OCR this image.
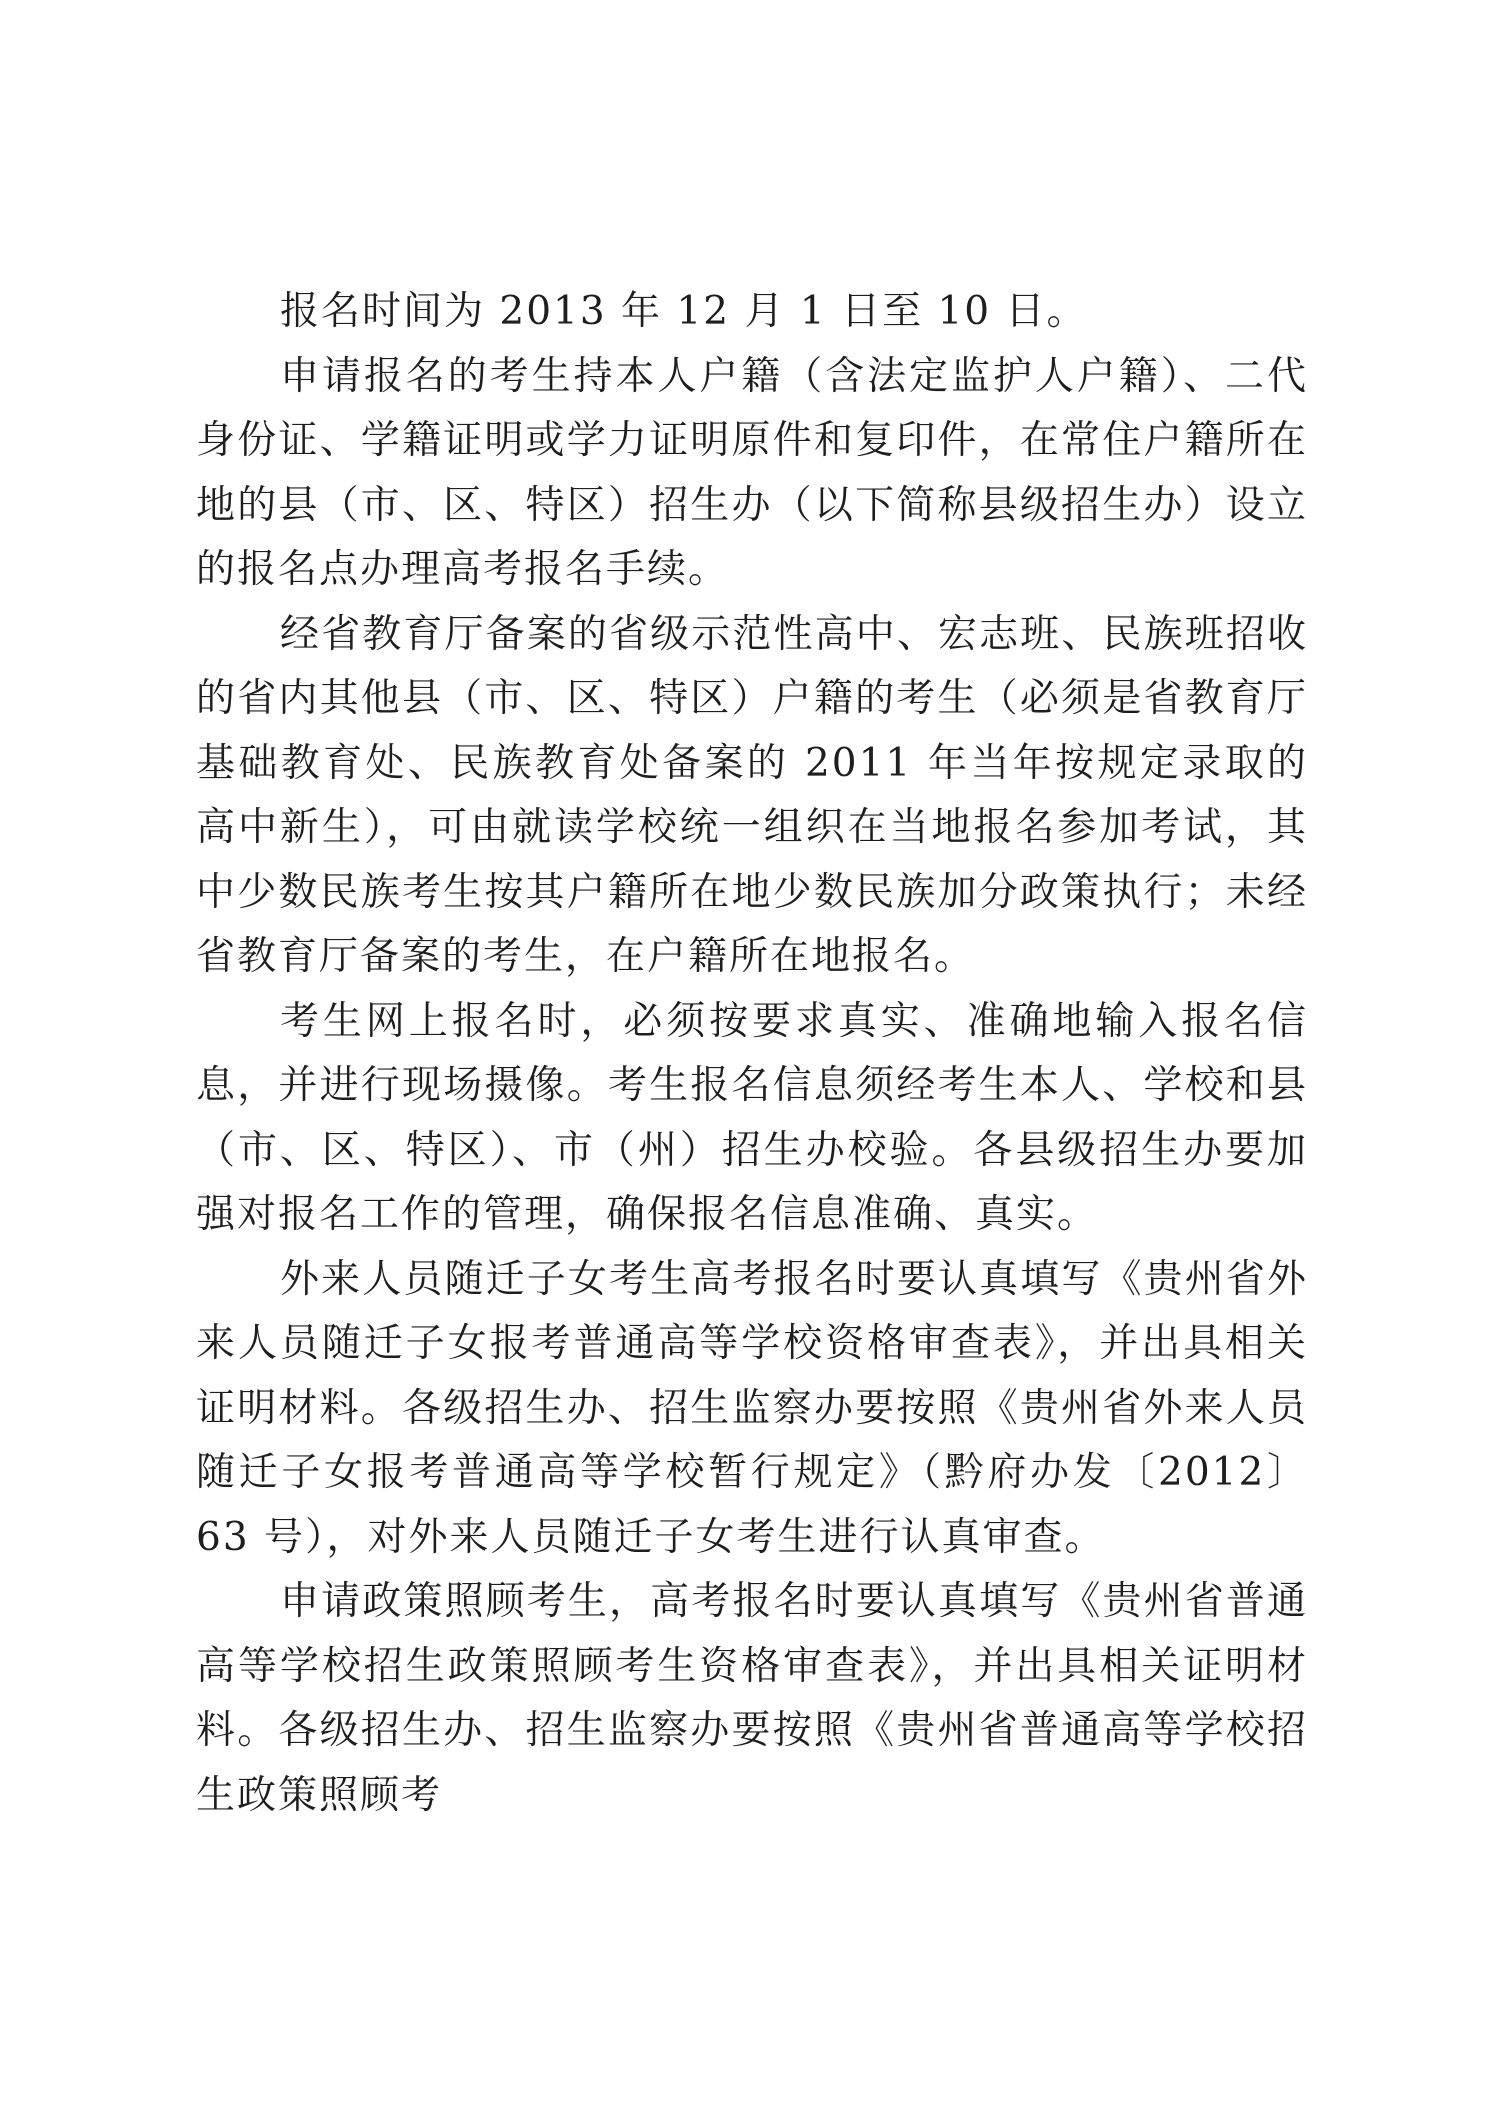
报名时间为 2013 年 12 月 1 日至 10 日。

申请报名的考生持本人户籍（含法定监护人户籍）、二代身份证、学籍证明或学力证明原件和复印件，在常住户籍所在地的县（市、区、特区）招生办（以下简称县级招生办）设立的报名点办理高考报名手续。

经省教育厅备案的省级示范性高中、宏志班、民族班招收的省内其他县（市、区、特区）户籍的考生（必须是省教育厅基础教育处、民族教育处备案的 2011 年当年按规定录取的高中新生），可由就读学校统一组织在当地报名参加考试，其中少数民族考生按其户籍所在地少数民族加分政策执行；未经省教育厅备案的考生，在户籍所在地报名。

考生网上报名时，必须按要求真实、准确地输入报名信息，并进行现场摄像。考生报名信息须经考生本人、学校和县（市、区、特区）、市（州）招生办校验。各县级招生办要加强对报名工作的管理，确保报名信息准确、真实。

外来人员随迁子女考生高考报名时要认真填写《贵州省外来人员随迁子女报考普通高等学校资格审查表》，并出具相关证明材料。各级招生办、招生监察办要按照《贵州省外来人员随迁子女报考普通高等学校暂行规定》（黔府办发〔2012〕63 号），对外来人员随迁子女考生进行认真审查。

申请政策照顾考生，高考报名时要认真填写《贵州省普通高等学校招生政策照顾考生资格审查表》，并出具相关证明材料。各级招生办、招生监察办要按照《贵州省普通高等学校招生政策照顾考
